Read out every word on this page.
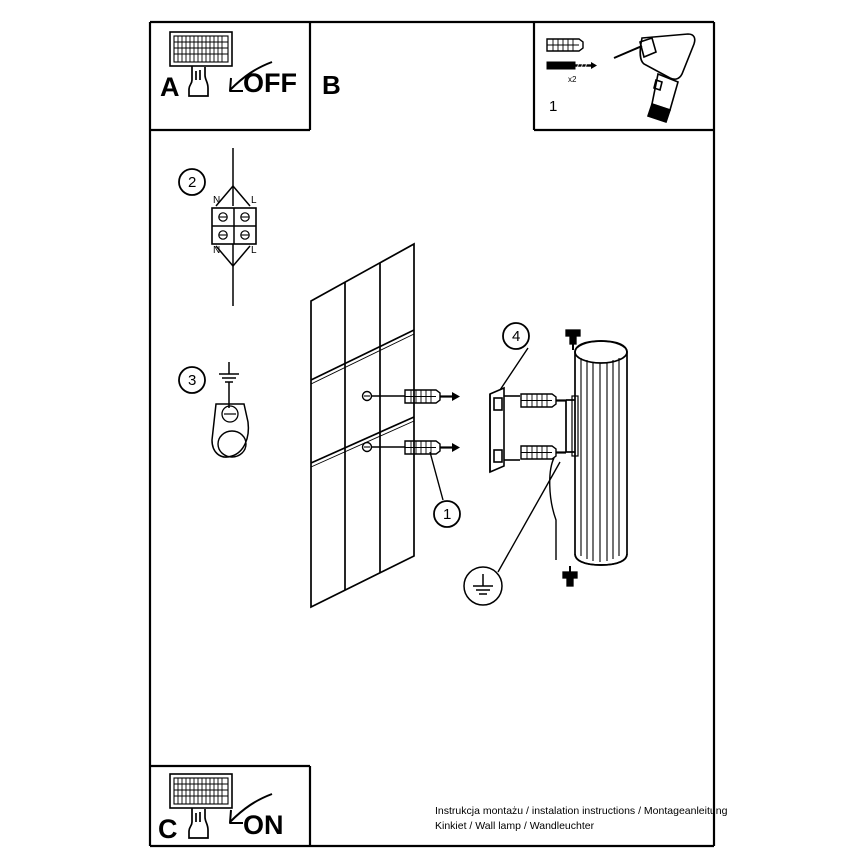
A OFF B
C ON
x2
1
2
3
4
1
N	L
N	L
Instrukcja montażu / instalation instructions / Montageanleitung
Kinkiet / Wall lamp / Wandleuchter
